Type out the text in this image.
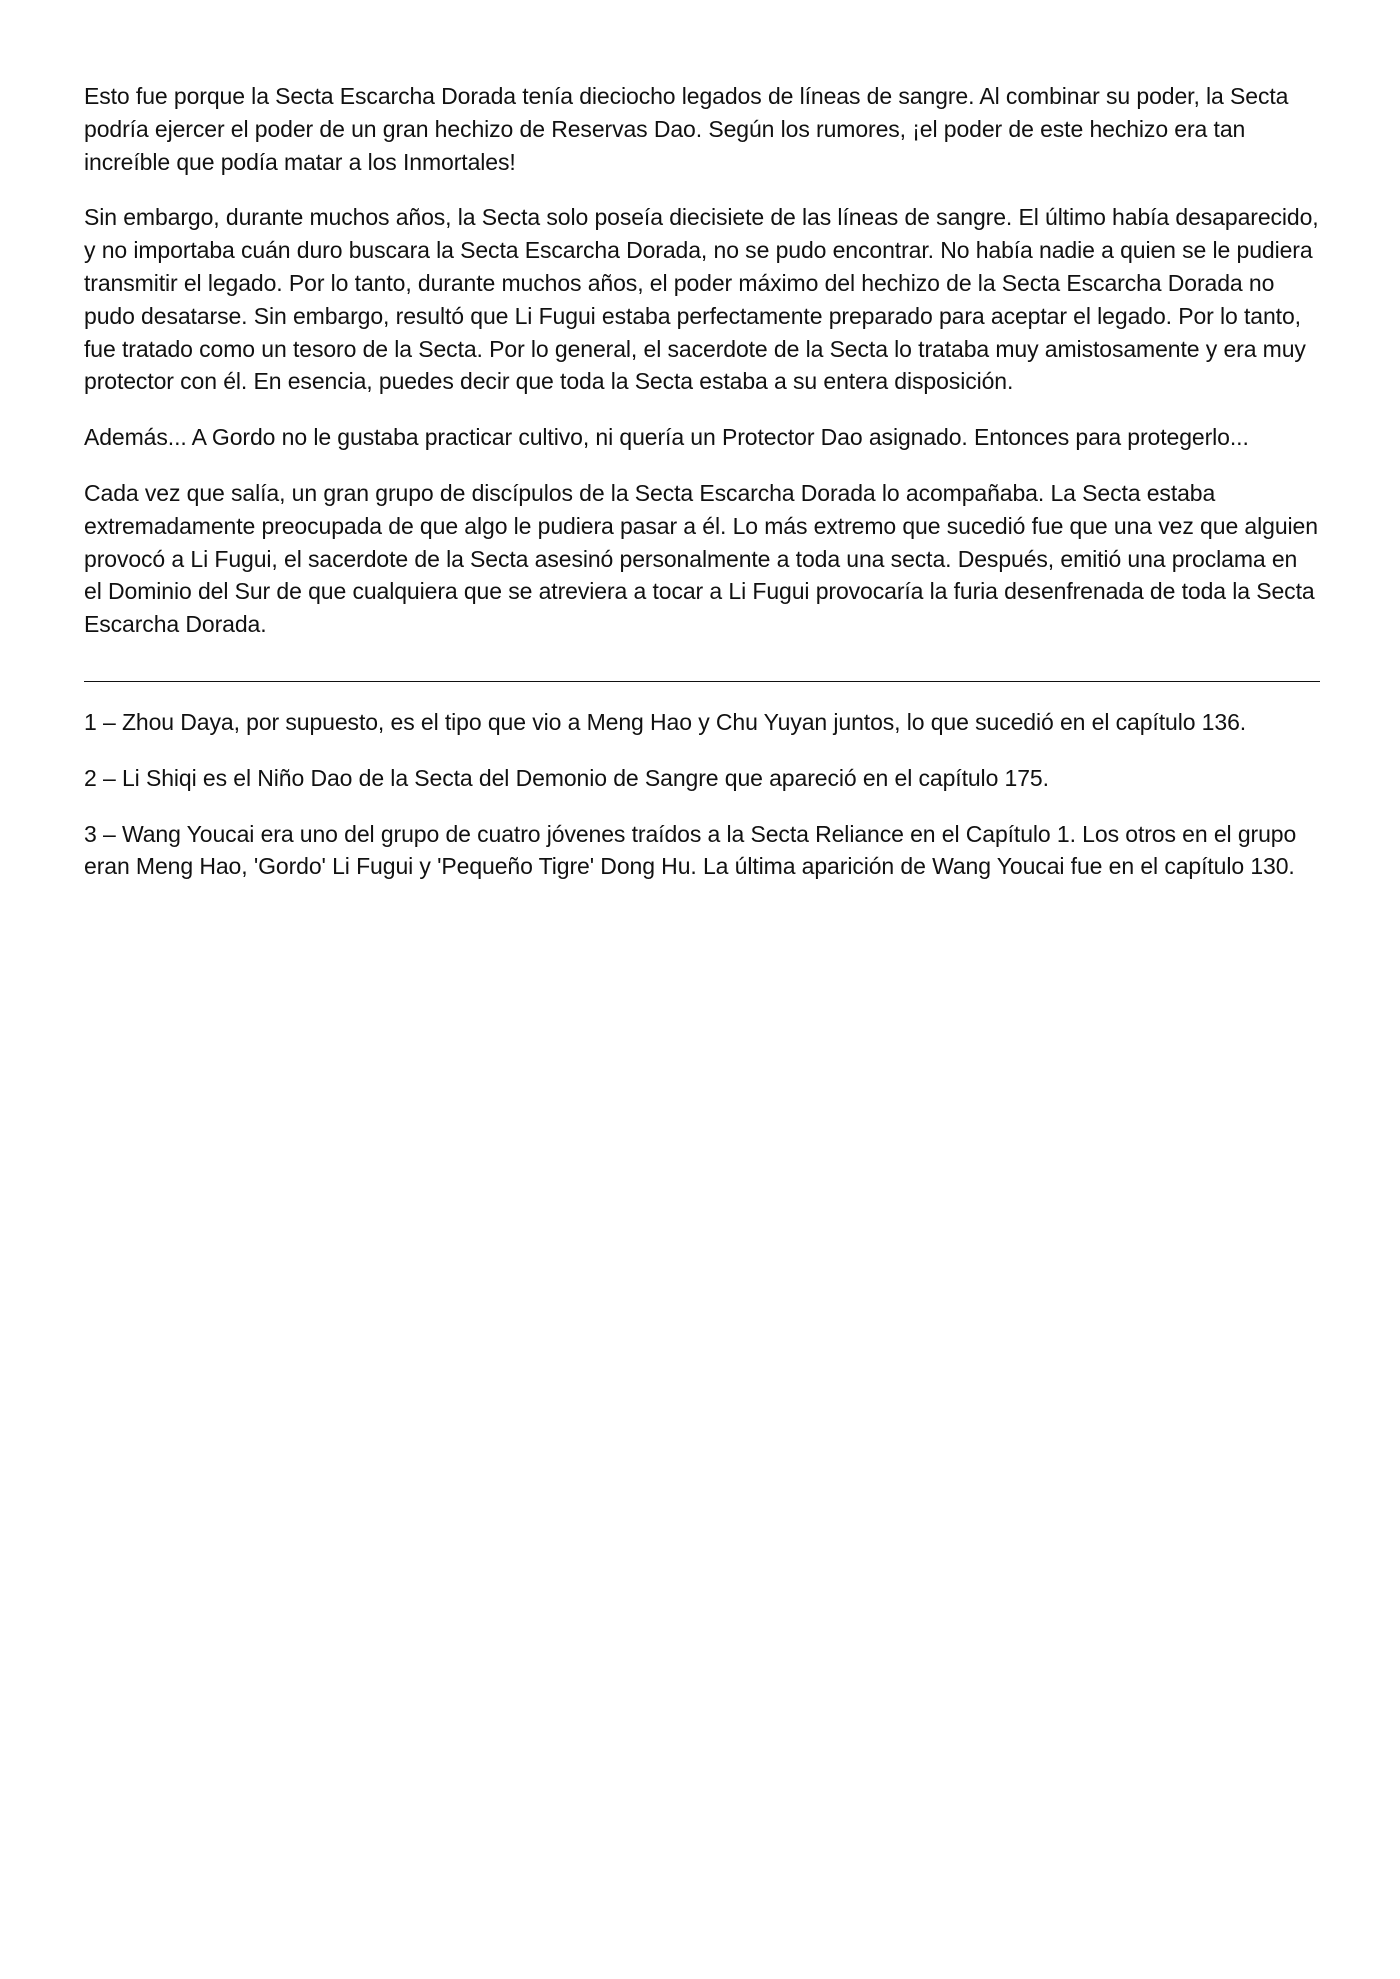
Esto fue porque la Secta Escarcha Dorada tenía dieciocho legados de líneas de sangre. Al combinar su poder, la Secta podría ejercer el poder de un gran hechizo de Reservas Dao. Según los rumores, ¡el poder de este hechizo era tan increíble que podía matar a los Inmortales!

Sin embargo, durante muchos años, la Secta solo poseía diecisiete de las líneas de sangre. El último había desaparecido, y no importaba cuán duro buscara la Secta Escarcha Dorada, no se pudo encontrar. No había nadie a quien se le pudiera transmitir el legado. Por lo tanto, durante muchos años, el poder máximo del hechizo de la Secta Escarcha Dorada no pudo desatarse. Sin embargo, resultó que Li Fugui estaba perfectamente preparado para aceptar el legado. Por lo tanto, fue tratado como un tesoro de la Secta. Por lo general, el sacerdote de la Secta lo trataba muy amistosamente y era muy protector con él. En esencia, puedes decir que toda la Secta estaba a su entera disposición.

Además... A Gordo no le gustaba practicar cultivo, ni quería un Protector Dao asignado. Entonces para protegerlo...

Cada vez que salía, un gran grupo de discípulos de la Secta Escarcha Dorada lo acompañaba. La Secta estaba extremadamente preocupada de que algo le pudiera pasar a él. Lo más extremo que sucedió fue que una vez que alguien provocó a Li Fugui, el sacerdote de la Secta asesinó personalmente a toda una secta. Después, emitió una proclama en el Dominio del Sur de que cualquiera que se atreviera a tocar a Li Fugui provocaría la furia desenfrenada de toda la Secta Escarcha Dorada.

1 – Zhou Daya, por supuesto, es el tipo que vio a Meng Hao y Chu Yuyan juntos, lo que sucedió en el capítulo 136.

2 – Li Shiqi es el Niño Dao de la Secta del Demonio de Sangre que apareció en el capítulo 175.

3 – Wang Youcai era uno del grupo de cuatro jóvenes traídos a la Secta Reliance en el Capítulo 1. Los otros en el grupo eran Meng Hao, 'Gordo' Li Fugui y 'Pequeño Tigre' Dong Hu. La última aparición de Wang Youcai fue en el capítulo 130.
